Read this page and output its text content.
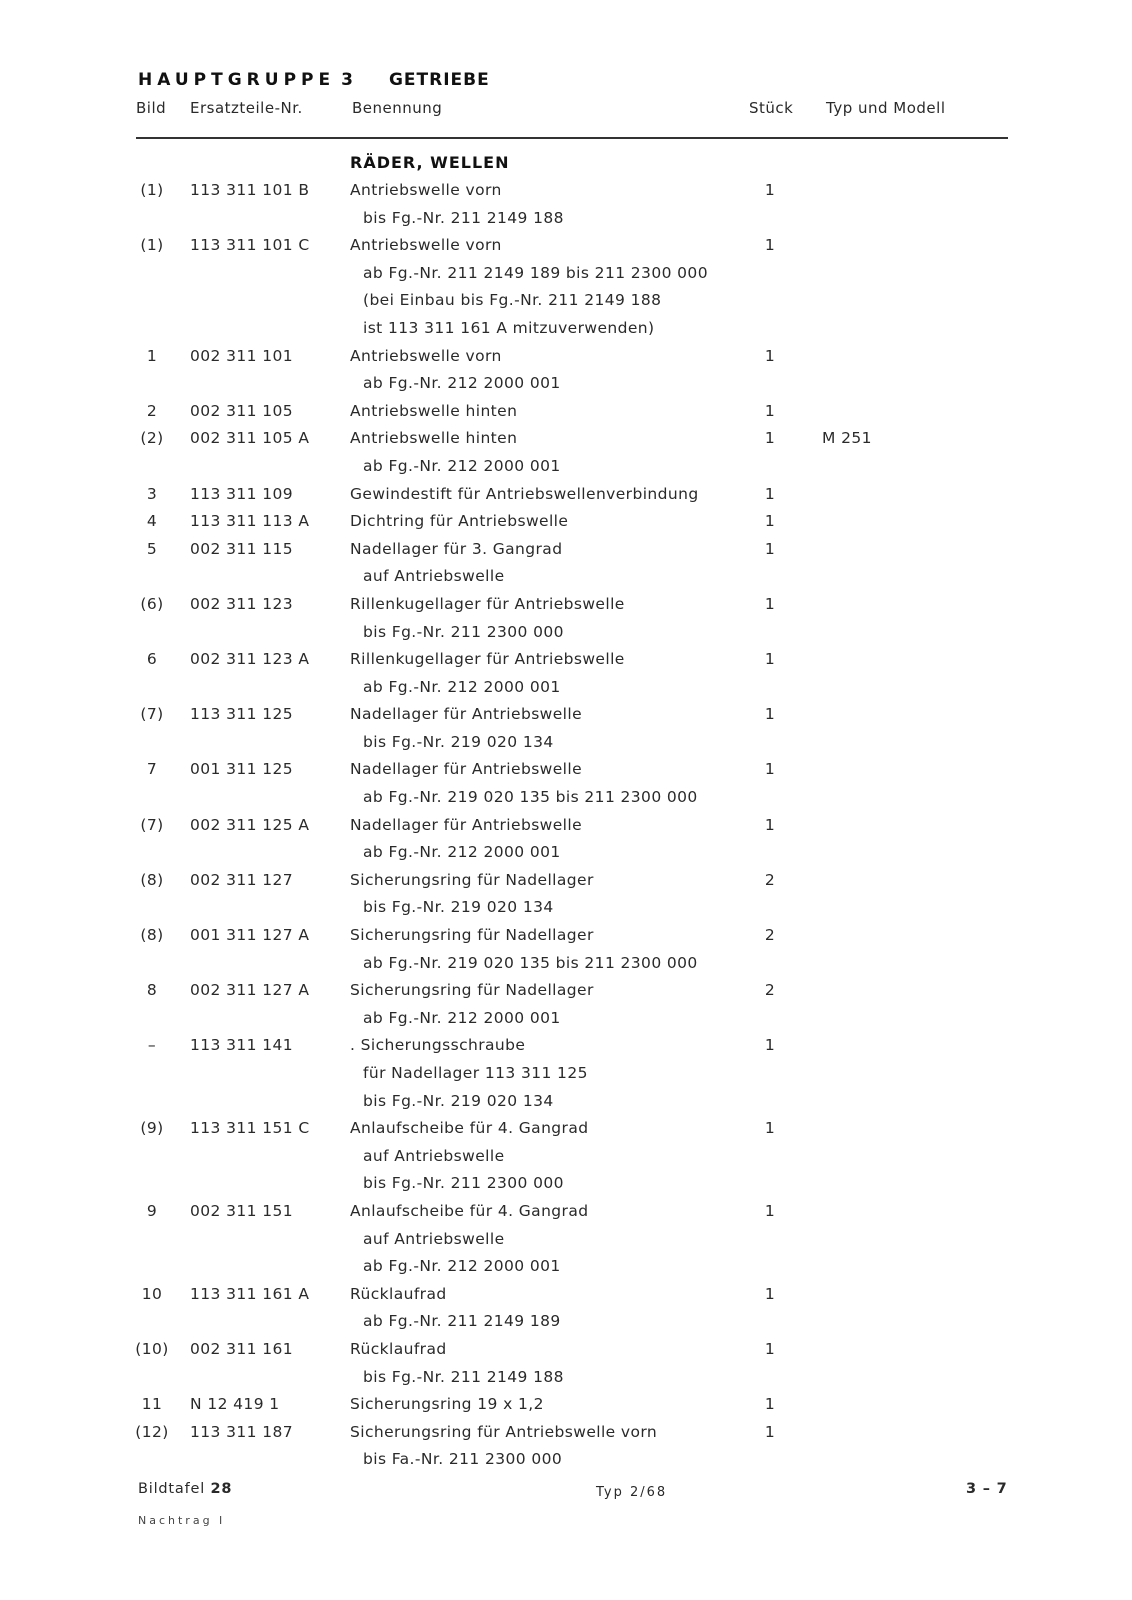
HAUPTGRUPPE 3 GETRIEBE
Bild Ersatzteile-Nr.	Benennung	Stück Typ und Modell
RÄDER, WELLEN
(1)	113 311 101 B	Antriebswelle vorn	1
bis Fg.-Nr. 211 2149 188
(1)	113 311 101 C	Antriebswelle vorn	1
ab Fg.-Nr. 211 2149 189 bis 211 2300 000
(bei Einbau bis Fg.-Nr. 211 2149 188
ist 113 311 161 A mitzuverwenden)
1	002 311 101	Antriebswelle vorn	1
ab Fg.-Nr. 212 2000 001
2	002 311 105	Antriebswelle hinten	1
(2)	002 311 105 A	Antriebswelle hinten	1	M 251
ab Fg.-Nr. 212 2000 001
3	113 311 109	Gewindestift für Antriebswellenverbindung	1
4	113 311 113 A	Dichtring für Antriebswelle	1
5	002 311 115	Nadellager für 3. Gangrad	1
auf Antriebswelle
(6)	002 311 123	Rillenkugellager für Antriebswelle	1
bis Fg.-Nr. 211 2300 000
6	002 311 123 A	Rillenkugellager für Antriebswelle	1
ab Fg.-Nr. 212 2000 001
(7)	113 311 125	Nadellager für Antriebswelle	1
bis Fg.-Nr. 219 020 134
7	001 311 125	Nadellager für Antriebswelle	1
ab Fg.-Nr. 219 020 135 bis 211 2300 000
(7)	002 311 125 A	Nadellager für Antriebswelle	1
ab Fg.-Nr. 212 2000 001
(8)	002 311 127	Sicherungsring für Nadellager	2
bis Fg.-Nr. 219 020 134
(8)	001 311 127 A	Sicherungsring für Nadellager	2
ab Fg.-Nr. 219 020 135 bis 211 2300 000
8	002 311 127 A	Sicherungsring für Nadellager	2
ab Fg.-Nr. 212 2000 001
–	113 311 141	. Sicherungsschraube	1
für Nadellager 113 311 125
bis Fg.-Nr. 219 020 134
(9)	113 311 151 C	Anlaufscheibe für 4. Gangrad	1
auf Antriebswelle
bis Fg.-Nr. 211 2300 000
9	002 311 151	Anlaufscheibe für 4. Gangrad	1
auf Antriebswelle
ab Fg.-Nr. 212 2000 001
10	113 311 161 A	Rücklaufrad	1
ab Fg.-Nr. 211 2149 189
(10)	002 311 161	Rücklaufrad	1
bis Fg.-Nr. 211 2149 188
11	N 12 419 1	Sicherungsring 19 x 1,2	1
(12)	113 311 187	Sicherungsring für Antriebswelle vorn	1
bis Fa.-Nr. 211 2300 000
Bildtafel 28	Typ 2/68	3 – 7
Nachtrag I
